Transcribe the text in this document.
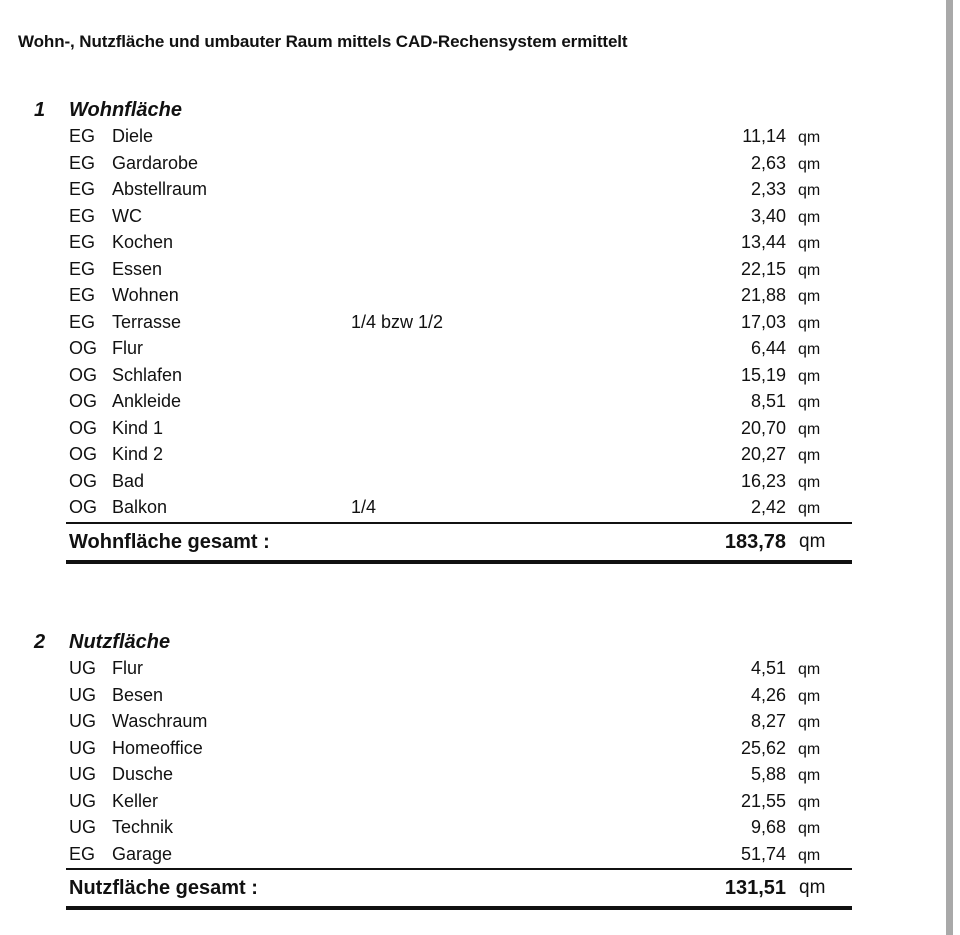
Wohn-, Nutzfläche und umbauter Raum mittels CAD-Rechensystem ermittelt
1 Wohnfläche
EG Diele	11,14 qm
EG Gardarobe	2,63 qm
EG Abstellraum	2,33 qm
EG WC	3,40 qm
EG Kochen	13,44 qm
EG Essen	22,15 qm
EG Wohnen	21,88 qm
EG Terrasse	1/4 bzw 1/2	17,03 qm
OG Flur	6,44 qm
OG Schlafen	15,19 qm
OG Ankleide	8,51 qm
OG Kind 1	20,70 qm
OG Kind 2	20,27 qm
OG Bad	16,23 qm
OG Balkon	1/4	2,42 qm
Wohnfläche gesamt :	183,78 qm
2 Nutzfläche
UG Flur	4,51 qm
UG Besen	4,26 qm
UG Waschraum	8,27 qm
UG Homeoffice	25,62 qm
UG Dusche	5,88 qm
UG Keller	21,55 qm
UG Technik	9,68 qm
EG Garage	51,74 qm
Nutzfläche gesamt :	131,51 qm
